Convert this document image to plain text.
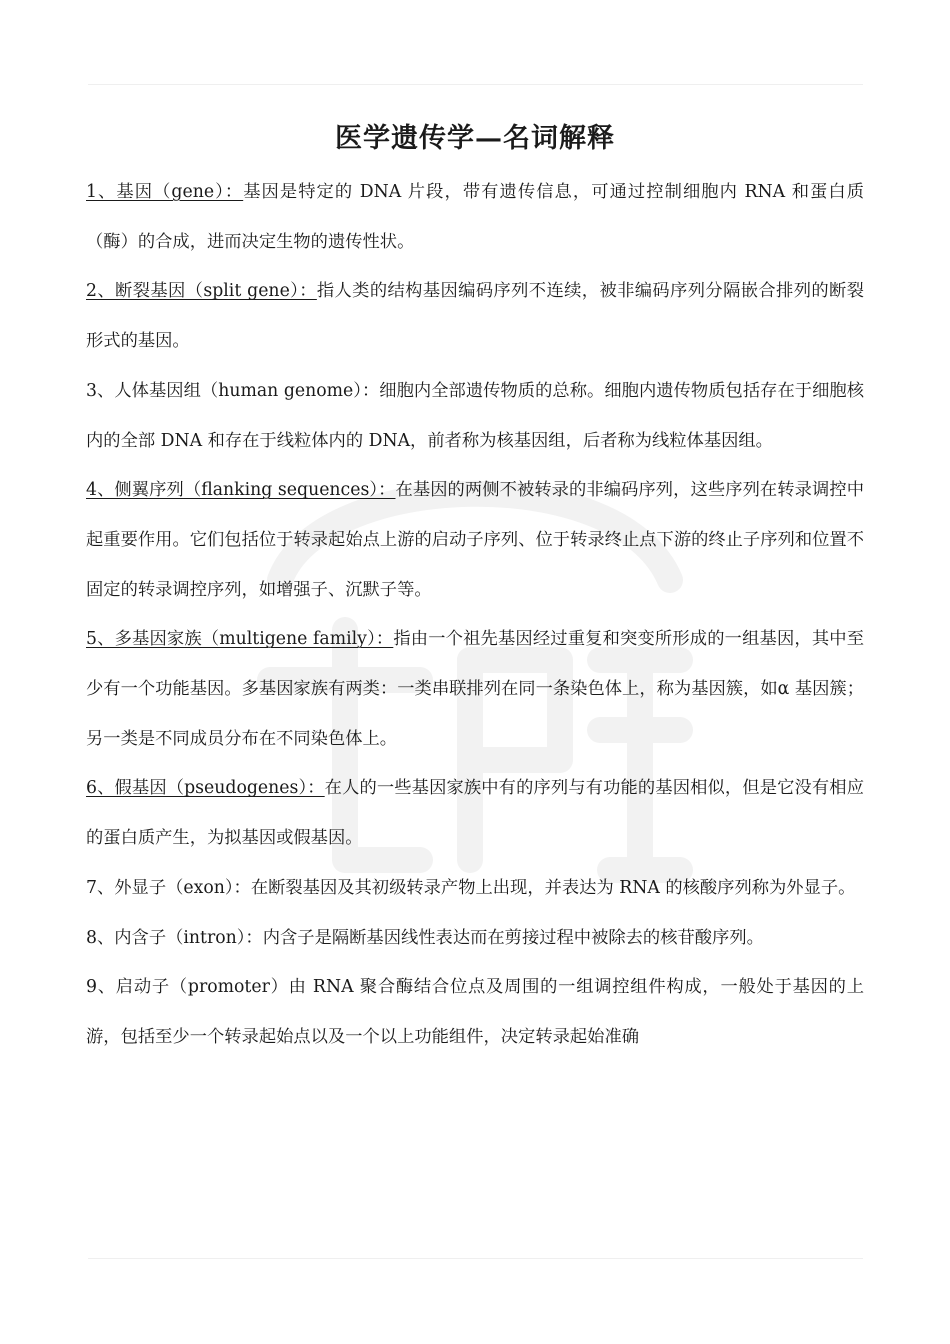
医学遗传学—名词解释

1、基因（gene）：基因是特定的 DNA 片段，带有遗传信息，可通过控制细胞内 RNA 和蛋白质（酶）的合成，进而决定生物的遗传性状。

2、断裂基因（split gene）：指人类的结构基因编码序列不连续，被非编码序列分隔嵌合排列的断裂形式的基因。

3、人体基因组（human genome）：细胞内全部遗传物质的总称。细胞内遗传物质包括存在于细胞核内的全部 DNA 和存在于线粒体内的 DNA，前者称为核基因组，后者称为线粒体基因组。

4、侧翼序列（flanking sequences）：在基因的两侧不被转录的非编码序列，这些序列在转录调控中起重要作用。它们包括位于转录起始点上游的启动子序列、位于转录终止点下游的终止子序列和位置不固定的转录调控序列，如增强子、沉默子等。

5、多基因家族（multigene family）：指由一个祖先基因经过重复和突变所形成的一组基因，其中至少有一个功能基因。多基因家族有两类：一类串联排列在同一条染色体上，称为基因簇，如α 基因簇；另一类是不同成员分布在不同染色体上。

6、假基因（pseudogenes）：在人的一些基因家族中有的序列与有功能的基因相似，但是它没有相应的蛋白质产生，为拟基因或假基因。

7、外显子（exon）：在断裂基因及其初级转录产物上出现，并表达为 RNA 的核酸序列称为外显子。

8、内含子（intron）：内含子是隔断基因线性表达而在剪接过程中被除去的核苷酸序列。

9、启动子（promoter）由 RNA 聚合酶结合位点及周围的一组调控组件构成，一般处于基因的上游，包括至少一个转录起始点以及一个以上功能组件，决定转录起始准确
